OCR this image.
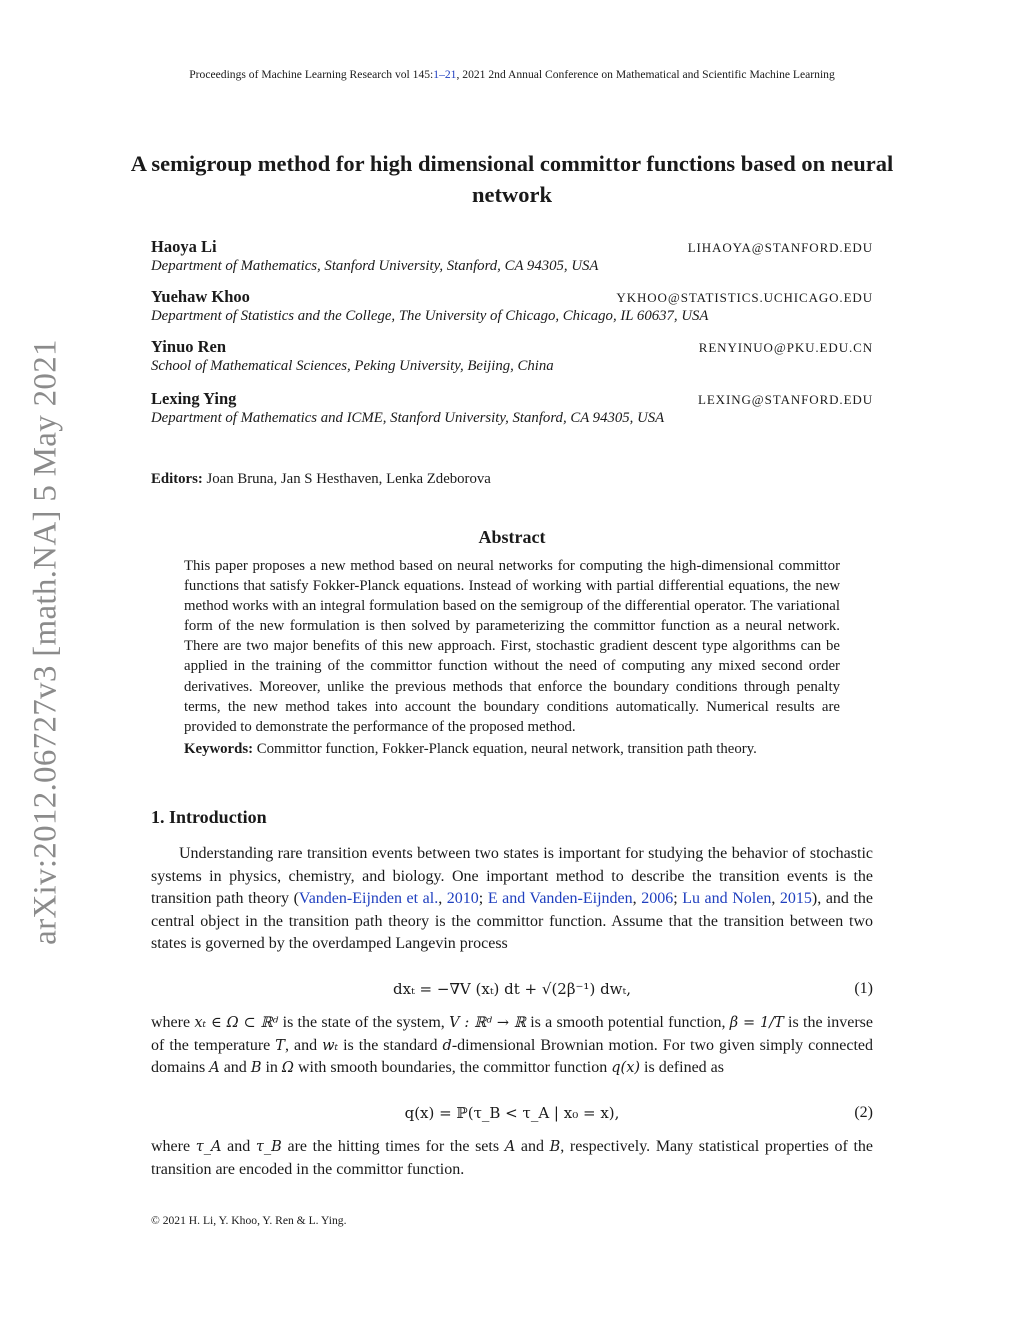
Proceedings of Machine Learning Research vol 145:1–21, 2021 2nd Annual Conference on Mathematical and Scientific Machine Learning
arXiv:2012.06727v3 [math.NA] 5 May 2021
A semigroup method for high dimensional committor functions based on neural network
Haoya Li	LIHAOYA@STANFORD.EDU
Department of Mathematics, Stanford University, Stanford, CA 94305, USA
Yuehaw Khoo	YKHOO@STATISTICS.UCHICAGO.EDU
Department of Statistics and the College, The University of Chicago, Chicago, IL 60637, USA
Yinuo Ren	RENYINUO@PKU.EDU.CN
School of Mathematical Sciences, Peking University, Beijing, China
Lexing Ying	LEXING@STANFORD.EDU
Department of Mathematics and ICME, Stanford University, Stanford, CA 94305, USA
Editors: Joan Bruna, Jan S Hesthaven, Lenka Zdeborova
Abstract

This paper proposes a new method based on neural networks for computing the high-dimensional committor functions that satisfy Fokker-Planck equations. Instead of working with partial differential equations, the new method works with an integral formulation based on the semigroup of the differential operator. The variational form of the new formulation is then solved by parameterizing the committor function as a neural network. There are two major benefits of this new approach. First, stochastic gradient descent type algorithms can be applied in the training of the committor function without the need of computing any mixed second order derivatives. Moreover, unlike the previous methods that enforce the boundary conditions through penalty terms, the new method takes into account the boundary conditions automatically. Numerical results are provided to demonstrate the performance of the proposed method.

Keywords: Committor function, Fokker-Planck equation, neural network, transition path theory.

1. Introduction

Understanding rare transition events between two states is important for studying the behavior of stochastic systems in physics, chemistry, and biology. One important method to describe the transition events is the transition path theory (Vanden-Eijnden et al., 2010; E and Vanden-Eijnden, 2006; Lu and Nolen, 2015), and the central object in the transition path theory is the committor function. Assume that the transition between two states is governed by the overdamped Langevin process

dxₜ = −∇V (xₜ) dt + √(2β⁻¹) dwₜ,	(1)

where xₜ ∈ Ω ⊂ ℝᵈ is the state of the system, V : ℝᵈ → ℝ is a smooth potential function, β = 1/T is the inverse of the temperature T, and wₜ is the standard d-dimensional Brownian motion. For two given simply connected domains A and B in Ω with smooth boundaries, the committor function q(x) is defined as

q(x) = ℙ(τ_B < τ_A | x₀ = x),	(2)

where τ_A and τ_B are the hitting times for the sets A and B, respectively. Many statistical properties of the transition are encoded in the committor function.

© 2021 H. Li, Y. Khoo, Y. Ren & L. Ying.
